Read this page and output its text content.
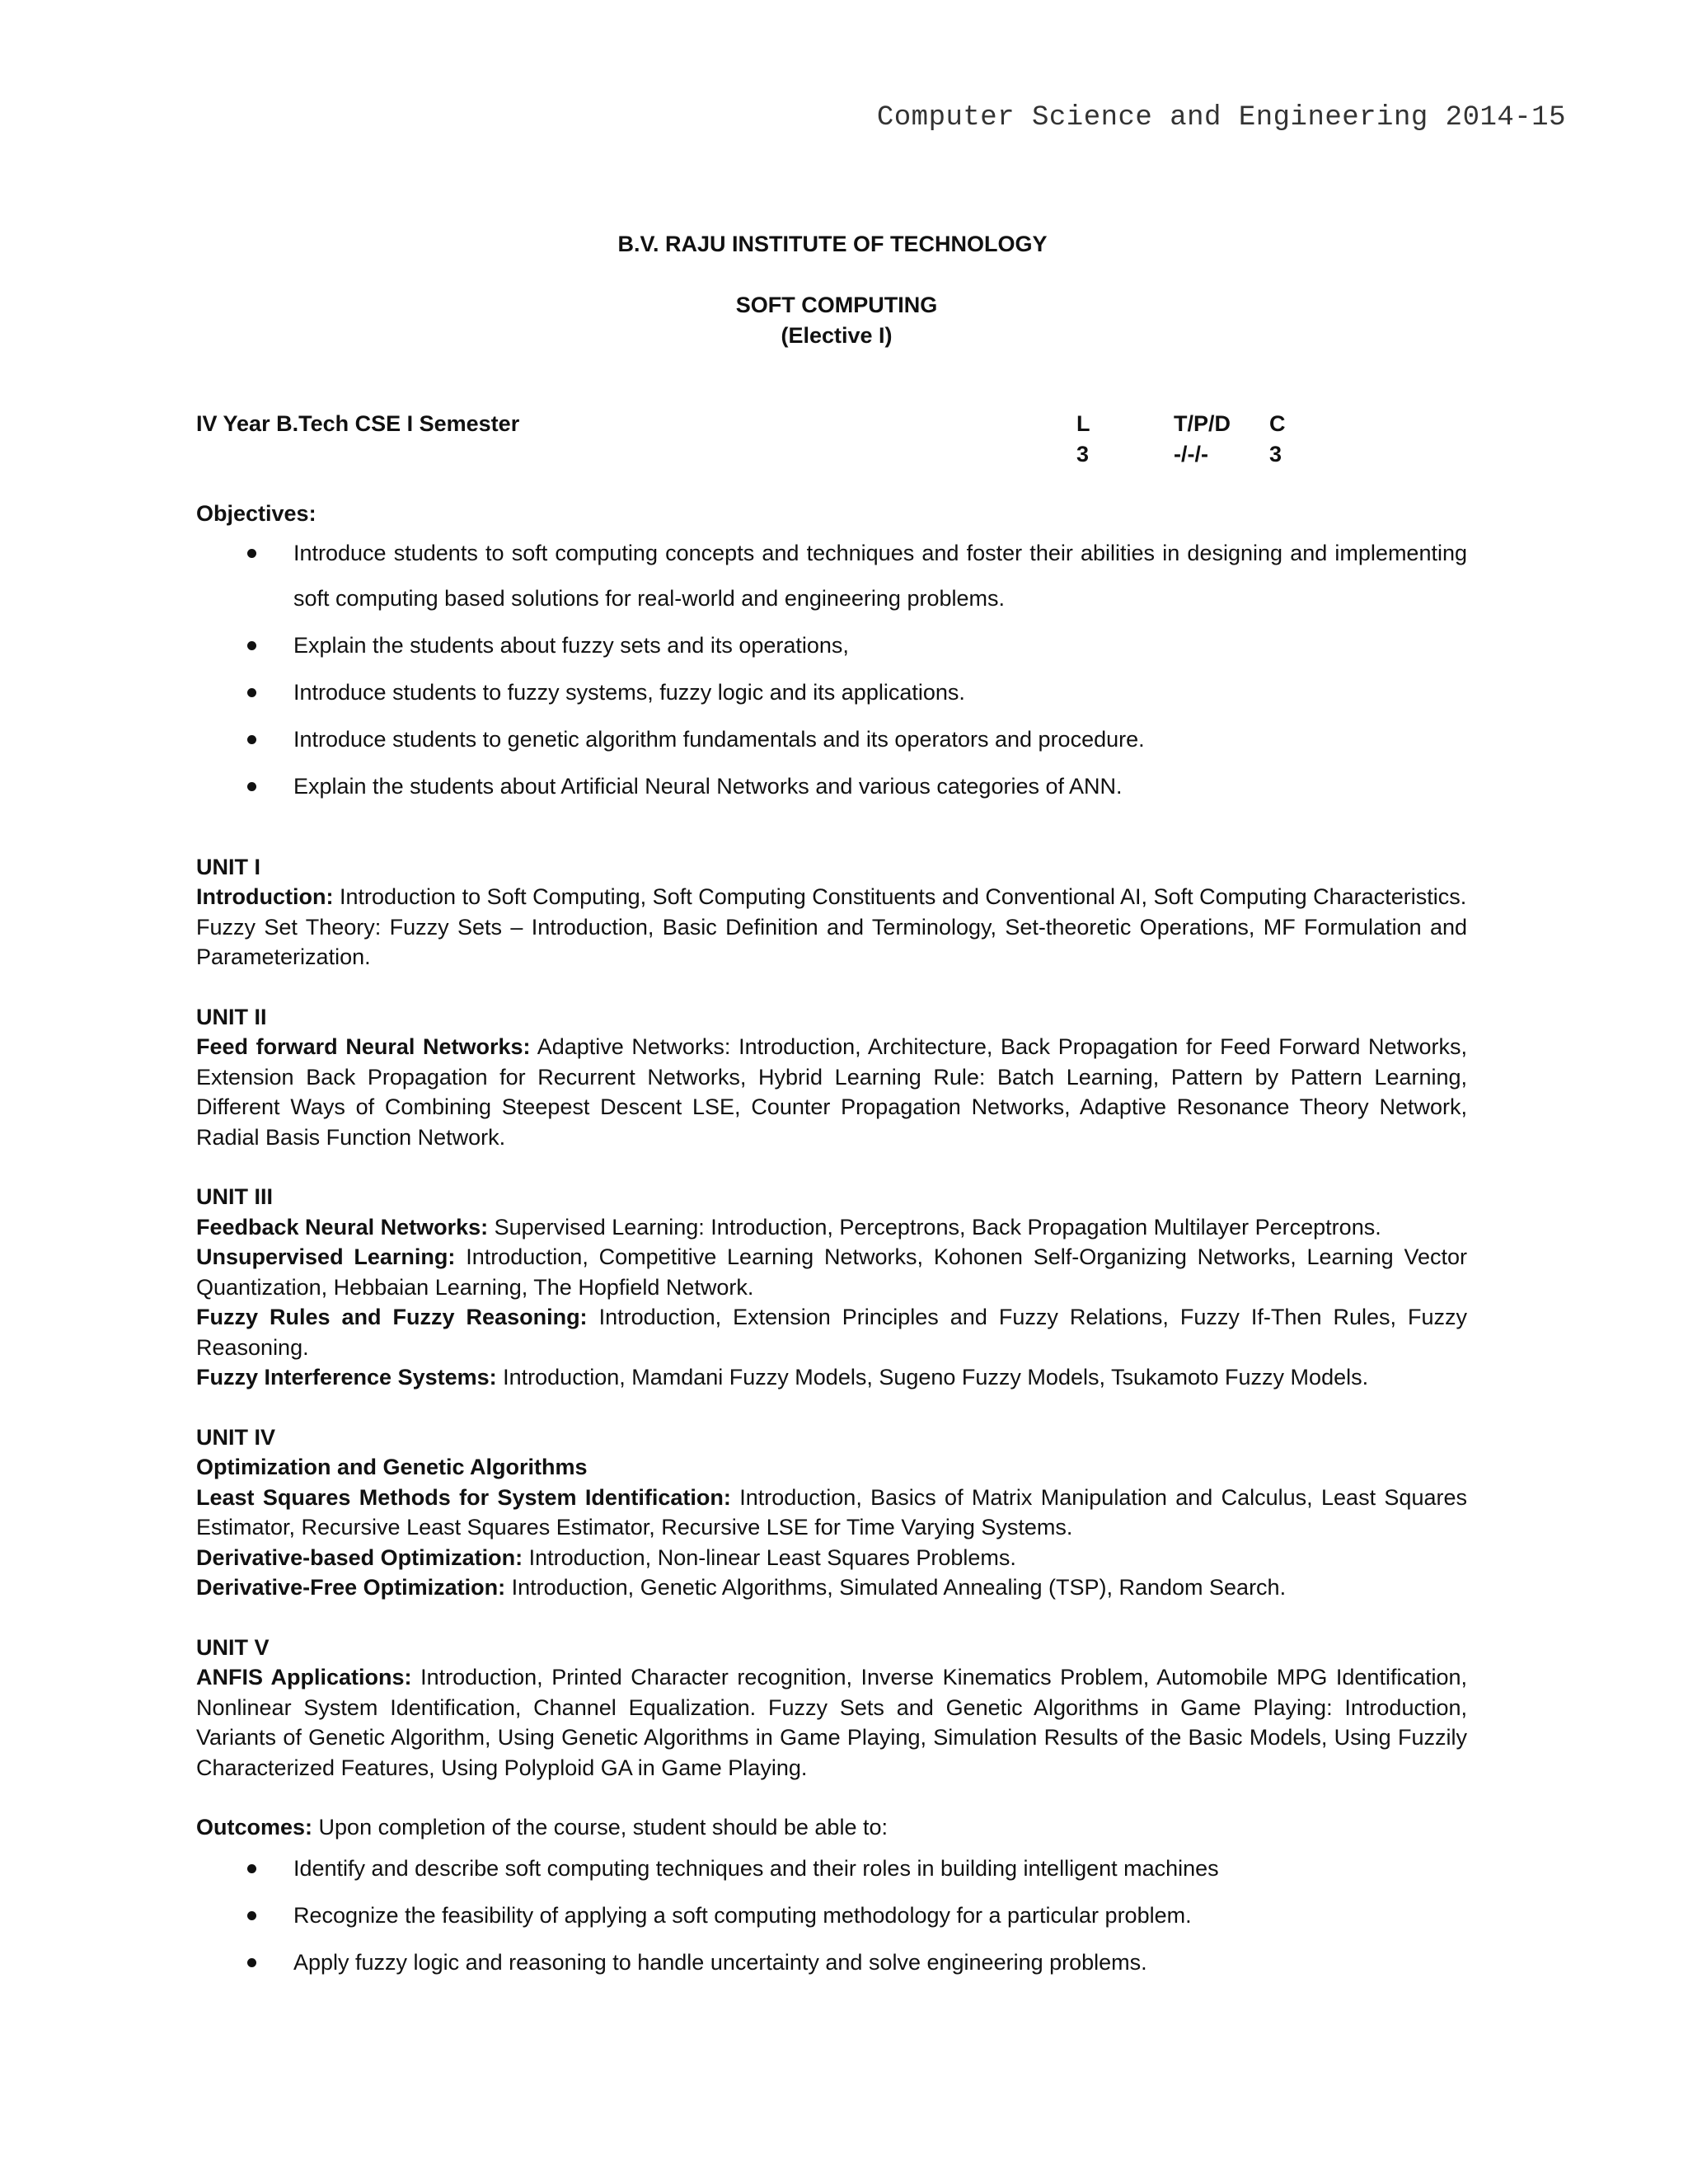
Computer Science and Engineering 2014-15
B.V. RAJU INSTITUTE OF TECHNOLOGY
SOFT COMPUTING
(Elective I)
IV Year B.Tech CSE I Semester	L
3
T/P/D
-/-/-
C
3
Objectives:
Introduce students to soft computing concepts and techniques and foster their abilities in designing and implementing soft computing based solutions for real-world and engineering problems.
Explain the students about fuzzy sets and its operations,
Introduce students to fuzzy systems, fuzzy logic and its applications.
Introduce students to genetic algorithm fundamentals and its operators and procedure.
Explain the students about Artificial Neural Networks and various categories of ANN.
UNIT I

Introduction: Introduction to Soft Computing, Soft Computing Constituents and Conventional AI, Soft Computing Characteristics.

Fuzzy Set Theory: Fuzzy Sets – Introduction, Basic Definition and Terminology, Set-theoretic Operations, MF Formulation and Parameterization.

UNIT II

Feed forward Neural Networks: Adaptive Networks: Introduction, Architecture, Back Propagation for Feed Forward Networks, Extension Back Propagation for Recurrent Networks, Hybrid Learning Rule: Batch Learning, Pattern by Pattern Learning, Different Ways of Combining Steepest Descent LSE, Counter Propagation Networks, Adaptive Resonance Theory Network, Radial Basis Function Network.

UNIT III

Feedback Neural Networks: Supervised Learning: Introduction, Perceptrons, Back Propagation Multilayer Perceptrons.

Unsupervised Learning: Introduction, Competitive Learning Networks, Kohonen Self-Organizing Networks, Learning Vector Quantization, Hebbaian Learning, The Hopfield Network.

Fuzzy Rules and Fuzzy Reasoning: Introduction, Extension Principles and Fuzzy Relations, Fuzzy If-Then Rules, Fuzzy Reasoning.

Fuzzy Interference Systems: Introduction, Mamdani Fuzzy Models, Sugeno Fuzzy Models, Tsukamoto Fuzzy Models.

UNIT IV
Optimization and Genetic Algorithms

Least Squares Methods for System Identification: Introduction, Basics of Matrix Manipulation and Calculus, Least Squares Estimator, Recursive Least Squares Estimator, Recursive LSE for Time Varying Systems.

Derivative-based Optimization: Introduction, Non-linear Least Squares Problems.

Derivative-Free Optimization: Introduction, Genetic Algorithms, Simulated Annealing (TSP), Random Search.

UNIT V

ANFIS Applications: Introduction, Printed Character recognition, Inverse Kinematics Problem, Automobile MPG Identification, Nonlinear System Identification, Channel Equalization. Fuzzy Sets and Genetic Algorithms in Game Playing: Introduction, Variants of Genetic Algorithm, Using Genetic Algorithms in Game Playing, Simulation Results of the Basic Models, Using Fuzzily Characterized Features, Using Polyploid GA in Game Playing.

Outcomes: Upon completion of the course, student should be able to:

Identify and describe soft computing techniques and their roles in building intelligent machines
Recognize the feasibility of applying a soft computing methodology for a particular problem.
Apply fuzzy logic and reasoning to handle uncertainty and solve engineering problems.
